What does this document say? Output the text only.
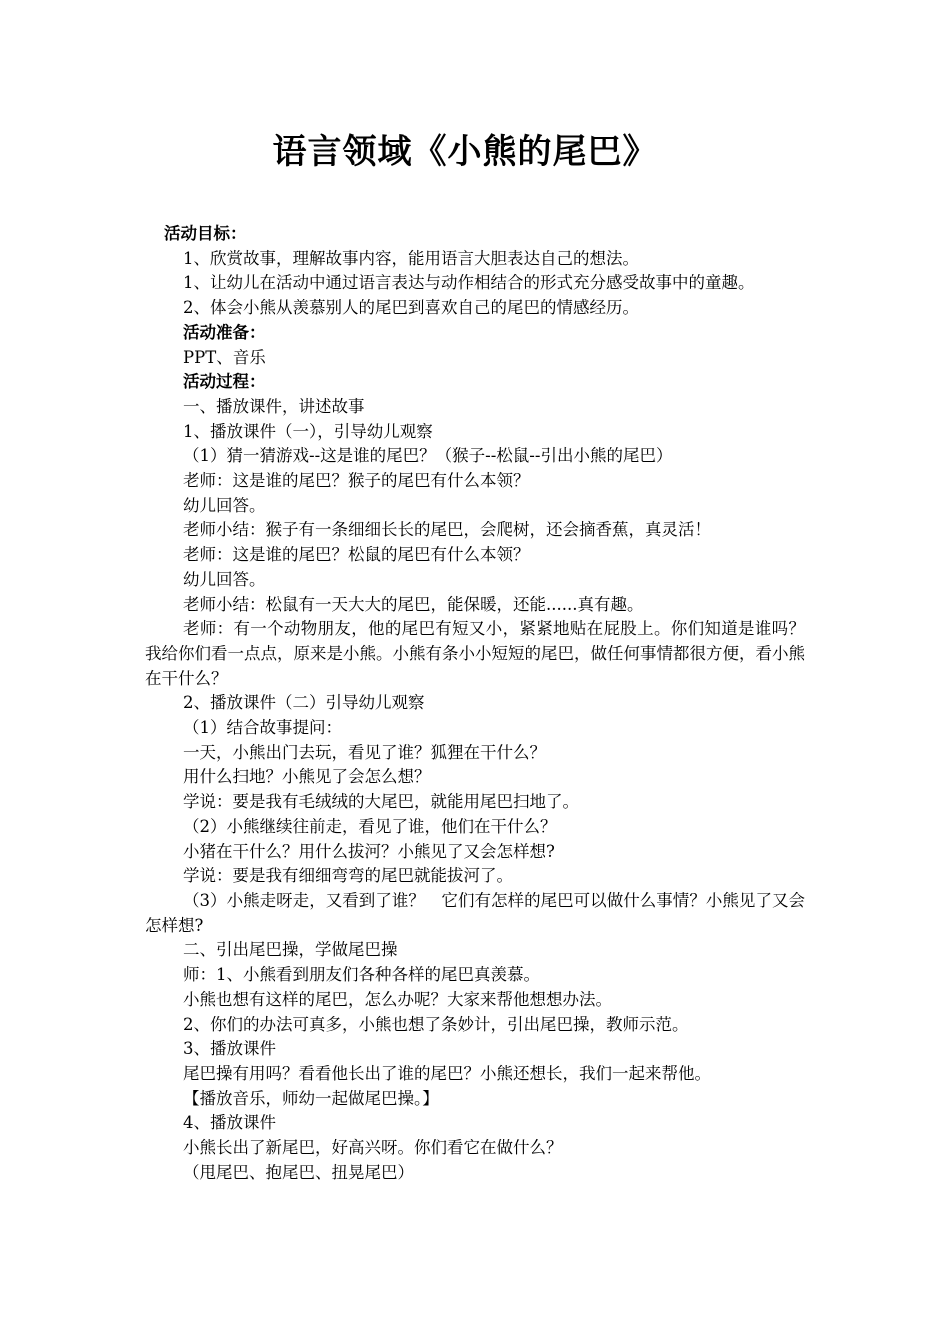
语言领域《小熊的尾巴》

活动目标：

1、欣赏故事，理解故事内容，能用语言大胆表达自己的想法。

1、让幼儿在活动中通过语言表达与动作相结合的形式充分感受故事中的童趣。

2、体会小熊从羡慕别人的尾巴到喜欢自己的尾巴的情感经历。

活动准备：

PPT、音乐

活动过程：

一、播放课件，讲述故事

1、播放课件（一），引导幼儿观察

（1）猜一猜游戏--这是谁的尾巴？（猴子--松鼠--引出小熊的尾巴）

老师：这是谁的尾巴？猴子的尾巴有什么本领？

幼儿回答。

老师小结：猴子有一条细细长长的尾巴，会爬树，还会摘香蕉，真灵活！

老师：这是谁的尾巴？松鼠的尾巴有什么本领？

幼儿回答。

老师小结：松鼠有一天大大的尾巴，能保暖，还能......真有趣。

老师：有一个动物朋友，他的尾巴有短又小，紧紧地贴在屁股上。你们知道是谁吗？我给你们看一点点，原来是小熊。小熊有条小小短短的尾巴，做任何事情都很方便，看小熊在干什么？

2、播放课件（二）引导幼儿观察

（1）结合故事提问：

一天，小熊出门去玩，看见了谁？狐狸在干什么？

用什么扫地？小熊见了会怎么想？

学说：要是我有毛绒绒的大尾巴，就能用尾巴扫地了。

（2）小熊继续往前走，看见了谁，他们在干什么？

小猪在干什么？用什么拔河？小熊见了又会怎样想?

学说：要是我有细细弯弯的尾巴就能拔河了。

（3）小熊走呀走，又看到了谁？　它们有怎样的尾巴可以做什么事情？小熊见了又会怎样想?

二、引出尾巴操，学做尾巴操

师：1、小熊看到朋友们各种各样的尾巴真羡慕。

小熊也想有这样的尾巴，怎么办呢？大家来帮他想想办法。

2、你们的办法可真多，小熊也想了条妙计，引出尾巴操，教师示范。

3、播放课件

尾巴操有用吗？看看他长出了谁的尾巴？小熊还想长，我们一起来帮他。

【播放音乐，师幼一起做尾巴操。】

4、播放课件

小熊长出了新尾巴，好高兴呀。你们看它在做什么？

（甩尾巴、抱尾巴、扭晃尾巴）
